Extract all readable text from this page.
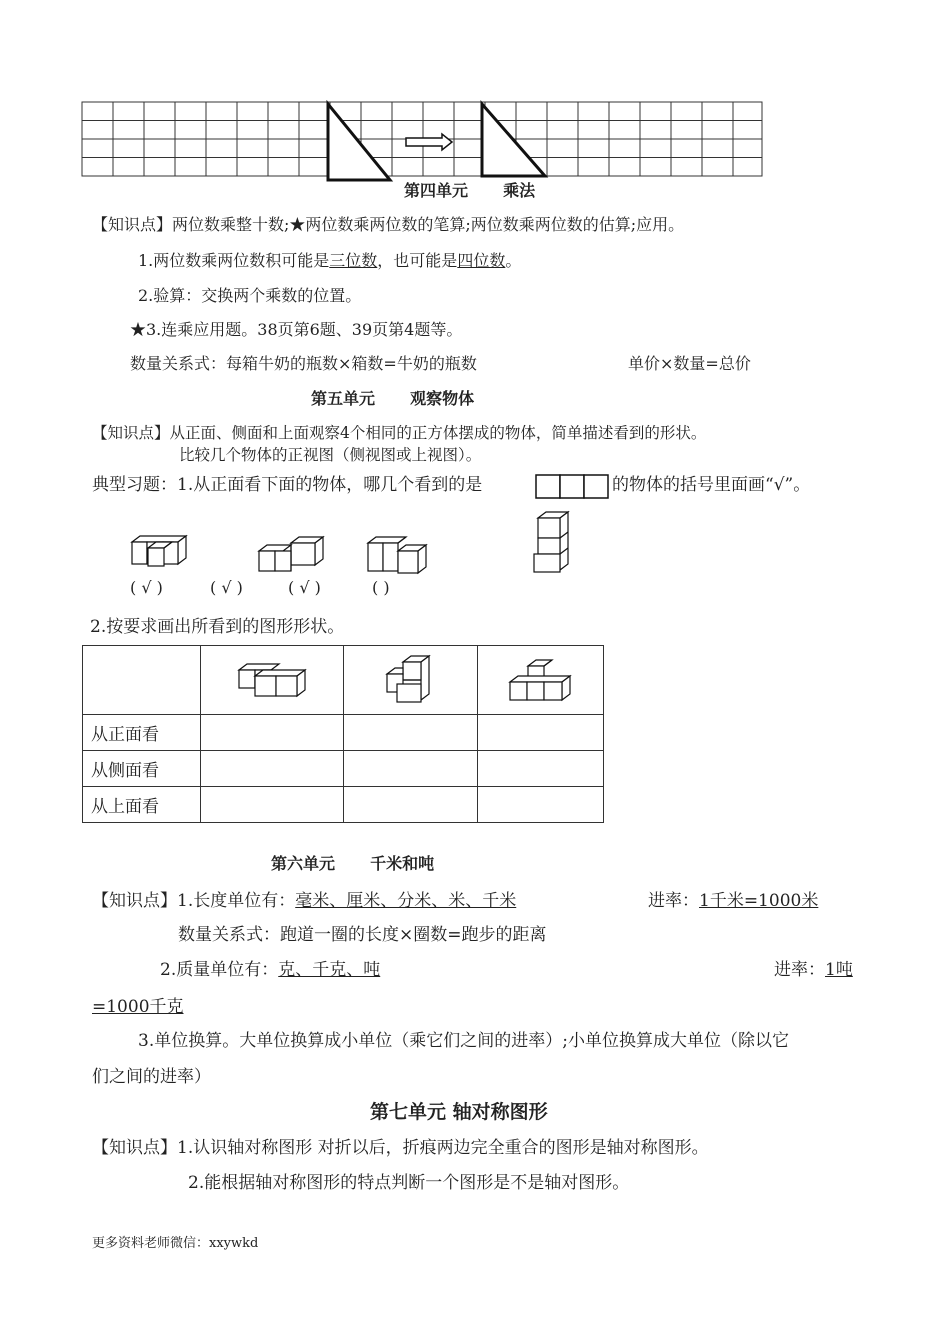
第四单元 乘法
【知识点】两位数乘整十数;★两位数乘两位数的笔算;两位数乘两位数的估算;应用。
1.两位数乘两位数积可能是三位数，也可能是四位数。
2.验算：交换两个乘数的位置。
★3.连乘应用题。38页第6题、39页第4题等。
数量关系式：每箱牛奶的瓶数×箱数=牛奶的瓶数	单价×数量=总价
第五单元 观察物体
【知识点】从正面、侧面和上面观察4个相同的正方体摆成的物体，简单描述看到的形状。
比较几个物体的正视图（侧视图或上视图）。
典型习题：1.从正面看下面的物体，哪几个看到的是	的物体的括号里面画“√”。
( √ )	( √ )	( √ )	( )
2.按要求画出所看到的图形形状。

从正面看			
从侧面看			
从上面看			
第六单元 千米和吨
【知识点】1.长度单位有：毫米、厘米、分米、米、千米	进率：1千米=1000米
数量关系式：跑道一圈的长度×圈数=跑步的距离
2.质量单位有：克、千克、吨	进率：1吨
=1000千克
3.单位换算。大单位换算成小单位（乘它们之间的进率）;小单位换算成大单位（除以它
们之间的进率）
第七单元 轴对称图形
【知识点】1.认识轴对称图形 对折以后，折痕两边完全重合的图形是轴对称图形。
2.能根据轴对称图形的特点判断一个图形是不是轴对图形。
更多资料老师微信：xxywkd
